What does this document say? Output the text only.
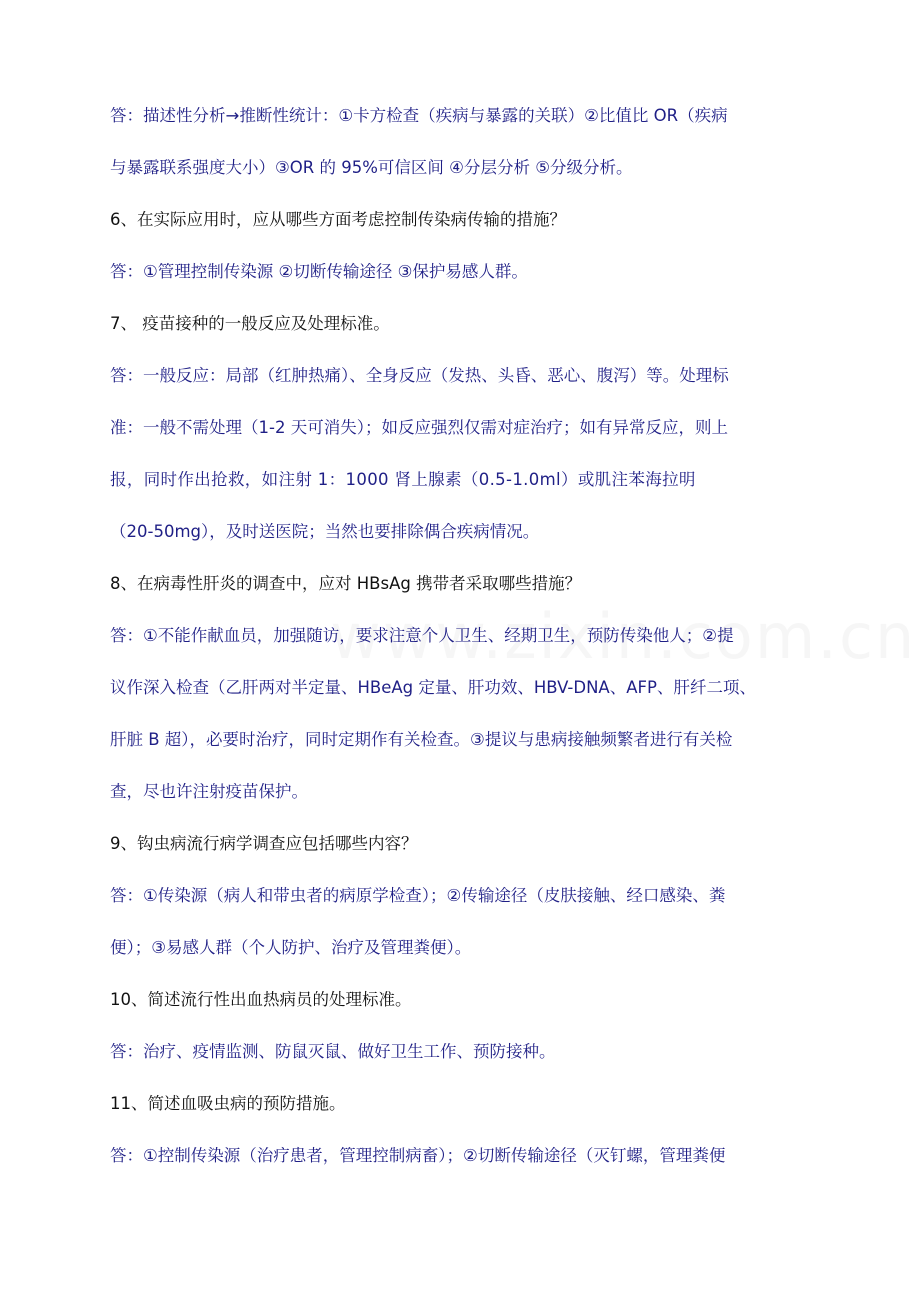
答：描述性分析→推断性统计：①卡方检查（疾病与暴露的关联）②比值比 OR（疾病
与暴露联系强度大小）③OR 的 95%可信区间 ④分层分析 ⑤分级分析。
6、在实际应用时，应从哪些方面考虑控制传染病传输的措施？
答：①管理控制传染源 ②切断传输途径 ③保护易感人群。
7、 疫苗接种的一般反应及处理标准。
答：一般反应：局部（红肿热痛）、全身反应（发热、头昏、恶心、腹泻）等。处理标
准：一般不需处理（1-2 天可消失）；如反应强烈仅需对症治疗；如有异常反应，则上
报，同时作出抢救，如注射 1：1000 肾上腺素（0.5-1.0ml）或肌注苯海拉明
（20-50mg），及时送医院；当然也要排除偶合疾病情况。
8、在病毒性肝炎的调查中，应对 HBsAg 携带者采取哪些措施？
答：①不能作献血员，加强随访，要求注意个人卫生、经期卫生，预防传染他人；②提
议作深入检查（乙肝两对半定量、HBeAg 定量、肝功效、HBV-DNA、AFP、肝纤二项、
肝脏 B 超），必要时治疗，同时定期作有关检查。③提议与患病接触频繁者进行有关检
查，尽也许注射疫苗保护。
9、钩虫病流行病学调查应包括哪些内容？
答：①传染源（病人和带虫者的病原学检查）；②传输途径（皮肤接触、经口感染、粪
便）；③易感人群（个人防护、治疗及管理粪便）。
10、简述流行性出血热病员的处理标准。
答：治疗、疫情监测、防鼠灭鼠、做好卫生工作、预防接种。
11、简述血吸虫病的预防措施。
答：①控制传染源（治疗患者，管理控制病畜）；②切断传输途径（灭钉螺，管理粪便
